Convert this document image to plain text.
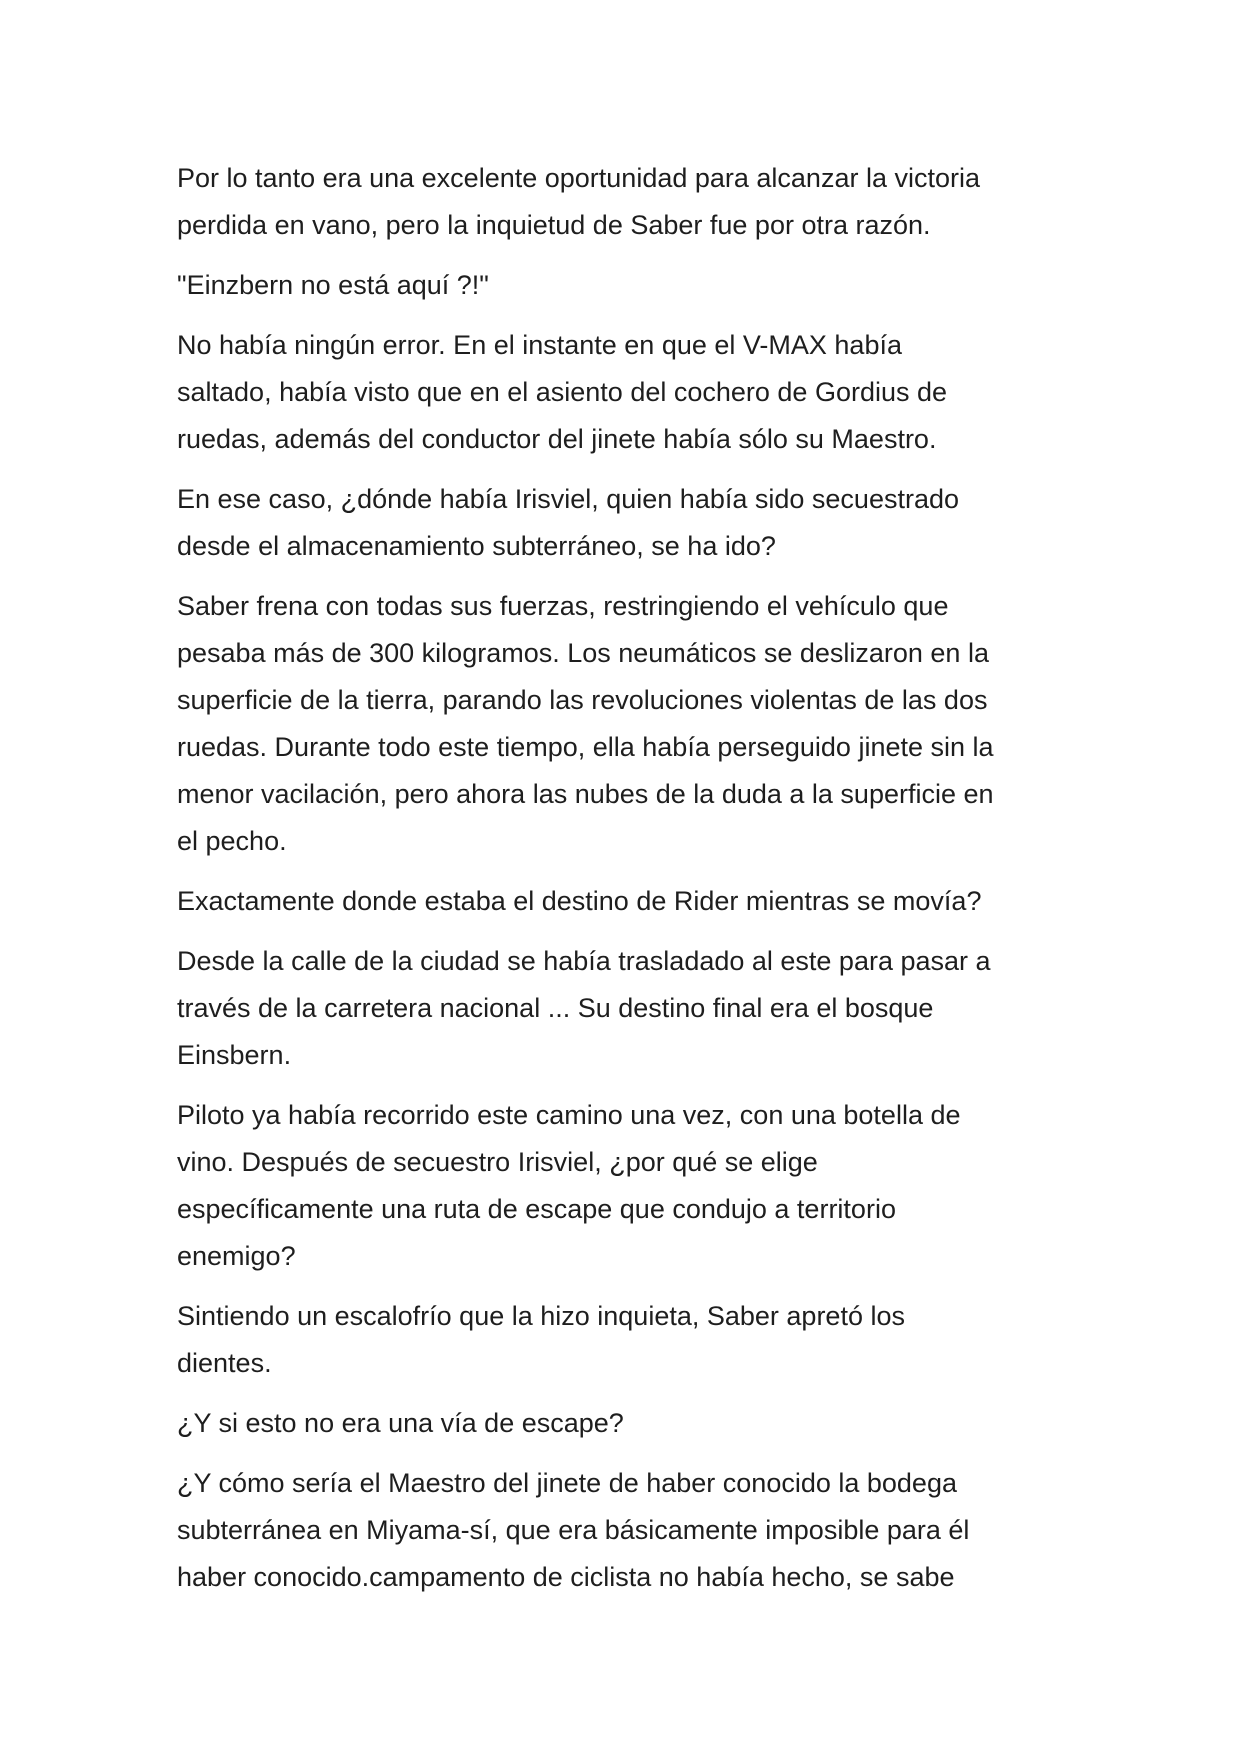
Por lo tanto era una excelente oportunidad para alcanzar la victoria
perdida en vano, pero la inquietud de Saber fue por otra razón.

"Einzbern no está aquí ?!"

No había ningún error. En el instante en que el V-MAX había
saltado, había visto que en el asiento del cochero de Gordius de
ruedas, además del conductor del jinete había sólo su Maestro.

En ese caso, ¿dónde había Irisviel, quien había sido secuestrado
desde el almacenamiento subterráneo, se ha ido?

Saber frena con todas sus fuerzas, restringiendo el vehículo que
pesaba más de 300 kilogramos. Los neumáticos se deslizaron en la
superficie de la tierra, parando las revoluciones violentas de las dos
ruedas. Durante todo este tiempo, ella había perseguido jinete sin la
menor vacilación, pero ahora las nubes de la duda a la superficie en
el pecho.

Exactamente donde estaba el destino de Rider mientras se movía?

Desde la calle de la ciudad se había trasladado al este para pasar a
través de la carretera nacional ... Su destino final era el bosque
Einsbern.

Piloto ya había recorrido este camino una vez, con una botella de
vino. Después de secuestro Irisviel, ¿por qué se elige
específicamente una ruta de escape que condujo a territorio
enemigo?

Sintiendo un escalofrío que la hizo inquieta, Saber apretó los
dientes.

¿Y si esto no era una vía de escape?

¿Y cómo sería el Maestro del jinete de haber conocido la bodega
subterránea en Miyama-sí, que era básicamente imposible para él
haber conocido.campamento de ciclista no había hecho, se sabe
